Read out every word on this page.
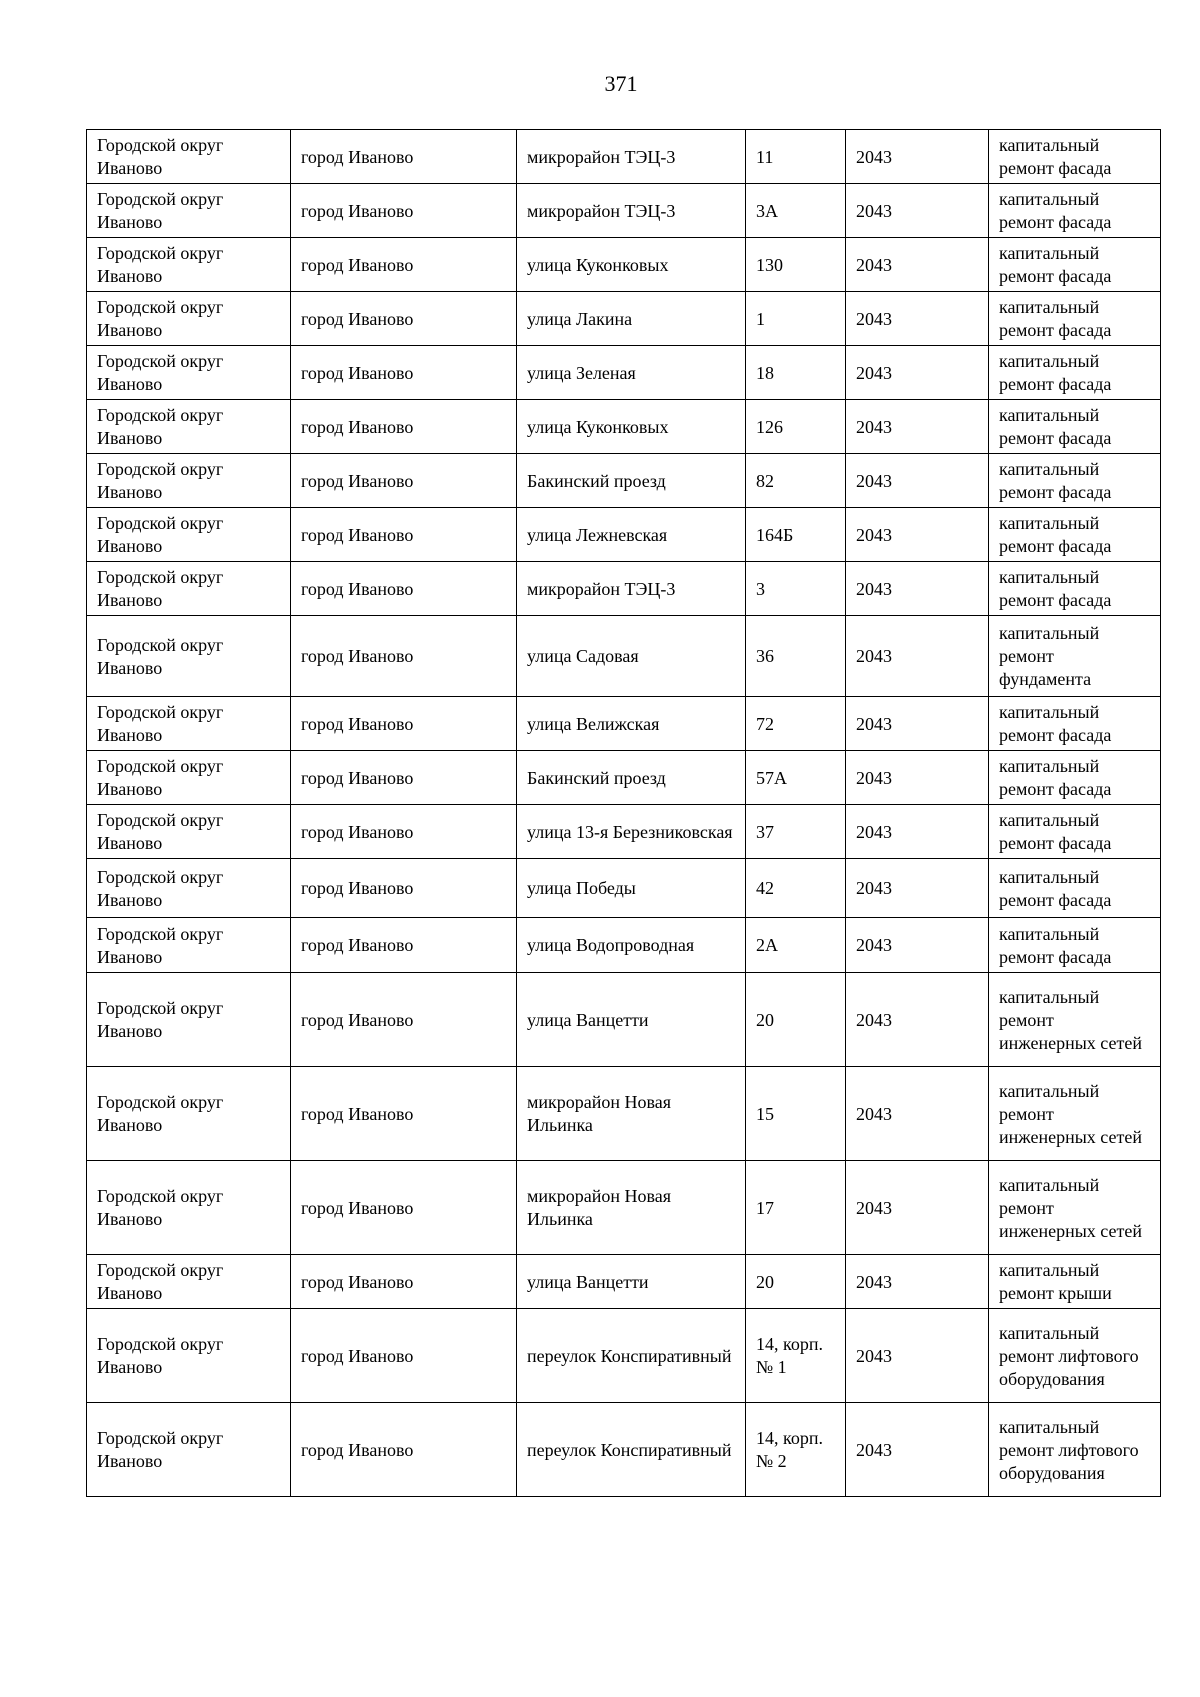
371
Городской округ Иваново	город Иваново	микрорайон ТЭЦ-3	11	2043	капитальный ремонт фасада
Городской округ Иваново	город Иваново	микрорайон ТЭЦ-3	3А	2043	капитальный ремонт фасада
Городской округ Иваново	город Иваново	улица Куконковых	130	2043	капитальный ремонт фасада
Городской округ Иваново	город Иваново	улица Лакина	1	2043	капитальный ремонт фасада
Городской округ Иваново	город Иваново	улица Зеленая	18	2043	капитальный ремонт фасада
Городской округ Иваново	город Иваново	улица Куконковых	126	2043	капитальный ремонт фасада
Городской округ Иваново	город Иваново	Бакинский проезд	82	2043	капитальный ремонт фасада
Городской округ Иваново	город Иваново	улица Лежневская	164Б	2043	капитальный ремонт фасада
Городской округ Иваново	город Иваново	микрорайон ТЭЦ-3	3	2043	капитальный ремонт фасада
Городской округ Иваново	город Иваново	улица Садовая	36	2043	капитальный ремонт фундамента
Городской округ Иваново	город Иваново	улица Велижская	72	2043	капитальный ремонт фасада
Городской округ Иваново	город Иваново	Бакинский проезд	57А	2043	капитальный ремонт фасада
Городской округ Иваново	город Иваново	улица 13-я Березниковская	37	2043	капитальный ремонт фасада
Городской округ Иваново	город Иваново	улица Победы	42	2043	капитальный ремонт фасада
Городской округ Иваново	город Иваново	улица Водопроводная	2А	2043	капитальный ремонт фасада
Городской округ Иваново	город Иваново	улица Ванцетти	20	2043	капитальный ремонт инженерных сетей
Городской округ Иваново	город Иваново	микрорайон Новая Ильинка	15	2043	капитальный ремонт инженерных сетей
Городской округ Иваново	город Иваново	микрорайон Новая Ильинка	17	2043	капитальный ремонт инженерных сетей
Городской округ Иваново	город Иваново	улица Ванцетти	20	2043	капитальный ремонт крыши
Городской округ Иваново	город Иваново	переулок Конспиративный	14, корп. № 1	2043	капитальный ремонт лифтового оборудования
Городской округ Иваново	город Иваново	переулок Конспиративный	14, корп. № 2	2043	капитальный ремонт лифтового оборудования
